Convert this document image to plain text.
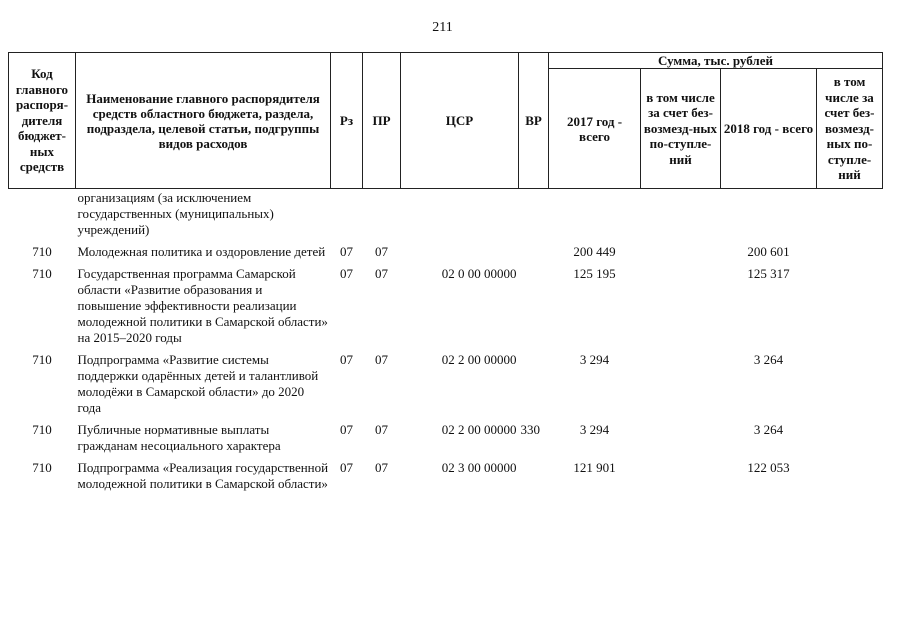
211
Код главного распоря-дителя бюджет-ных средств	Наименование главного распорядителя средств областного бюджета, раздела, подраздела, целевой статьи, подгруппы видов расходов	Рз	ПР	ЦСР	ВР	Сумма, тыс. рублей			
						2017 год - всего	в том числе за счет без-возмезд-ных по-ступле-ний	2018 год - всего	в том числе за счет без-возмезд-ных по-ступле-ний
	организациям (за исключением государственных (муниципальных) учреждений)								
710	Молодежная политика и оздоровление детей	07	07			200 449		200 601	
710	Государственная программа Самарской области «Развитие образования и повышение эффективности реализации молодежной политики в Самарской области» на 2015–2020 годы	07	07	02 0 00 00000		125 195		125 317	
710	Подпрограмма «Развитие системы поддержки одарённых детей и талантливой молодёжи в Самарской области» до 2020 года	07	07	02 2 00 00000		3 294		3 264	
710	Публичные нормативные выплаты гражданам несоциального характера	07	07	02 2 00 00000	330	3 294		3 264	
710	Подпрограмма «Реализация государственной молодежной политики в Самарской области»	07	07	02 3 00 00000		121 901		122 053	
